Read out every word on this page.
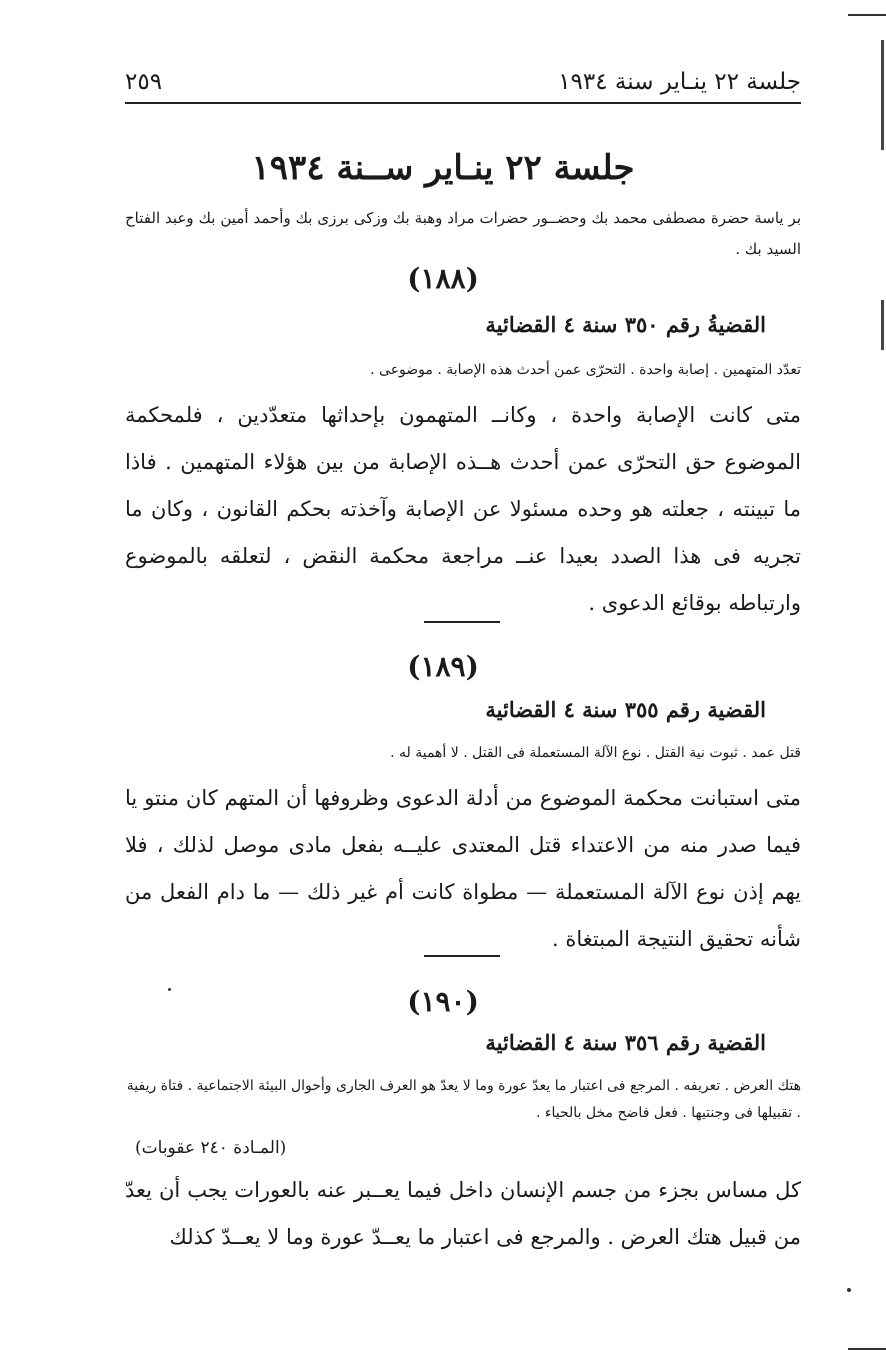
جلسة ٢٢ ينـاير سنة ١٩٣٤
٢٥٩
جلسة ٢٢ ينـاير ســنة ١٩٣٤
بر ياسة حضرة مصطفى محمد بك وحضــور حضرات مراد وهبة بك وزكى برزى بك وأحمد أمين بك وعبد الفتاح السيد بك .
(١٨٨)
القضيةُ رقم ٣٥٠ سنة ٤ القضائية
تعدّد المتهمين . إصابة واحدة . التحرّى عمن أحدث هذه الإصابة . موضوعى .
متى كانت الإصابة واحدة ، وكانــ المتهمون بإحداثها متعدّدين ، فلمحكمة الموضوع حق التحرّى عمن أحدث هــذه الإصابة من بين هؤلاء المتهمين . فاذا ما تبينته ، جعلته هو وحده مسئولا عن الإصابة وآخذته بحكم القانون ، وكان ما تجريه فى هذا الصدد بعيدا عنــ مراجعة محكمة النقض ، لتعلقه بالموضوع وارتباطه بوقائع الدعوى .
(١٨٩)
القضية رقم ٣٥٥ سنة ٤ القضائية
قتل عمد . ثبوت نية القتل . نوع الآلة المستعملة فى القتل . لا أهمية له .
متى استبانت محكمة الموضوع من أدلة الدعوى وظروفها أن المتهم كان منتو يا فيما صدر منه من الاعتداء قتل المعتدى عليــه بفعل مادى موصل لذلك ، فلا يهم إذن نوع الآلة المستعملة — مطواة كانت أم غير ذلك — ما دام الفعل من شأنه تحقيق النتيجة المبتغاة .
(١٩٠)
القضية رقم ٣٥٦ سنة ٤ القضائية
هتك العرض . تعريفه . المرجع فى اعتبار ما يعدّ عورة وما لا يعدّ هو العرف الجارى وأحوال البيئة الاجتماعية . فتاة ريفية . تقبيلها فى وجنتيها . فعل فاضح مخل بالحياء .
(المـادة ٢٤٠ عقوبات)
كل مساس بجزء من جسم الإنسان داخل فيما يعــبر عنه بالعورات يجب أن يعدّ من قبيل هتك العرض . والمرجع فى اعتبار ما يعــدّ عورة وما لا يعــدّ كذلك
